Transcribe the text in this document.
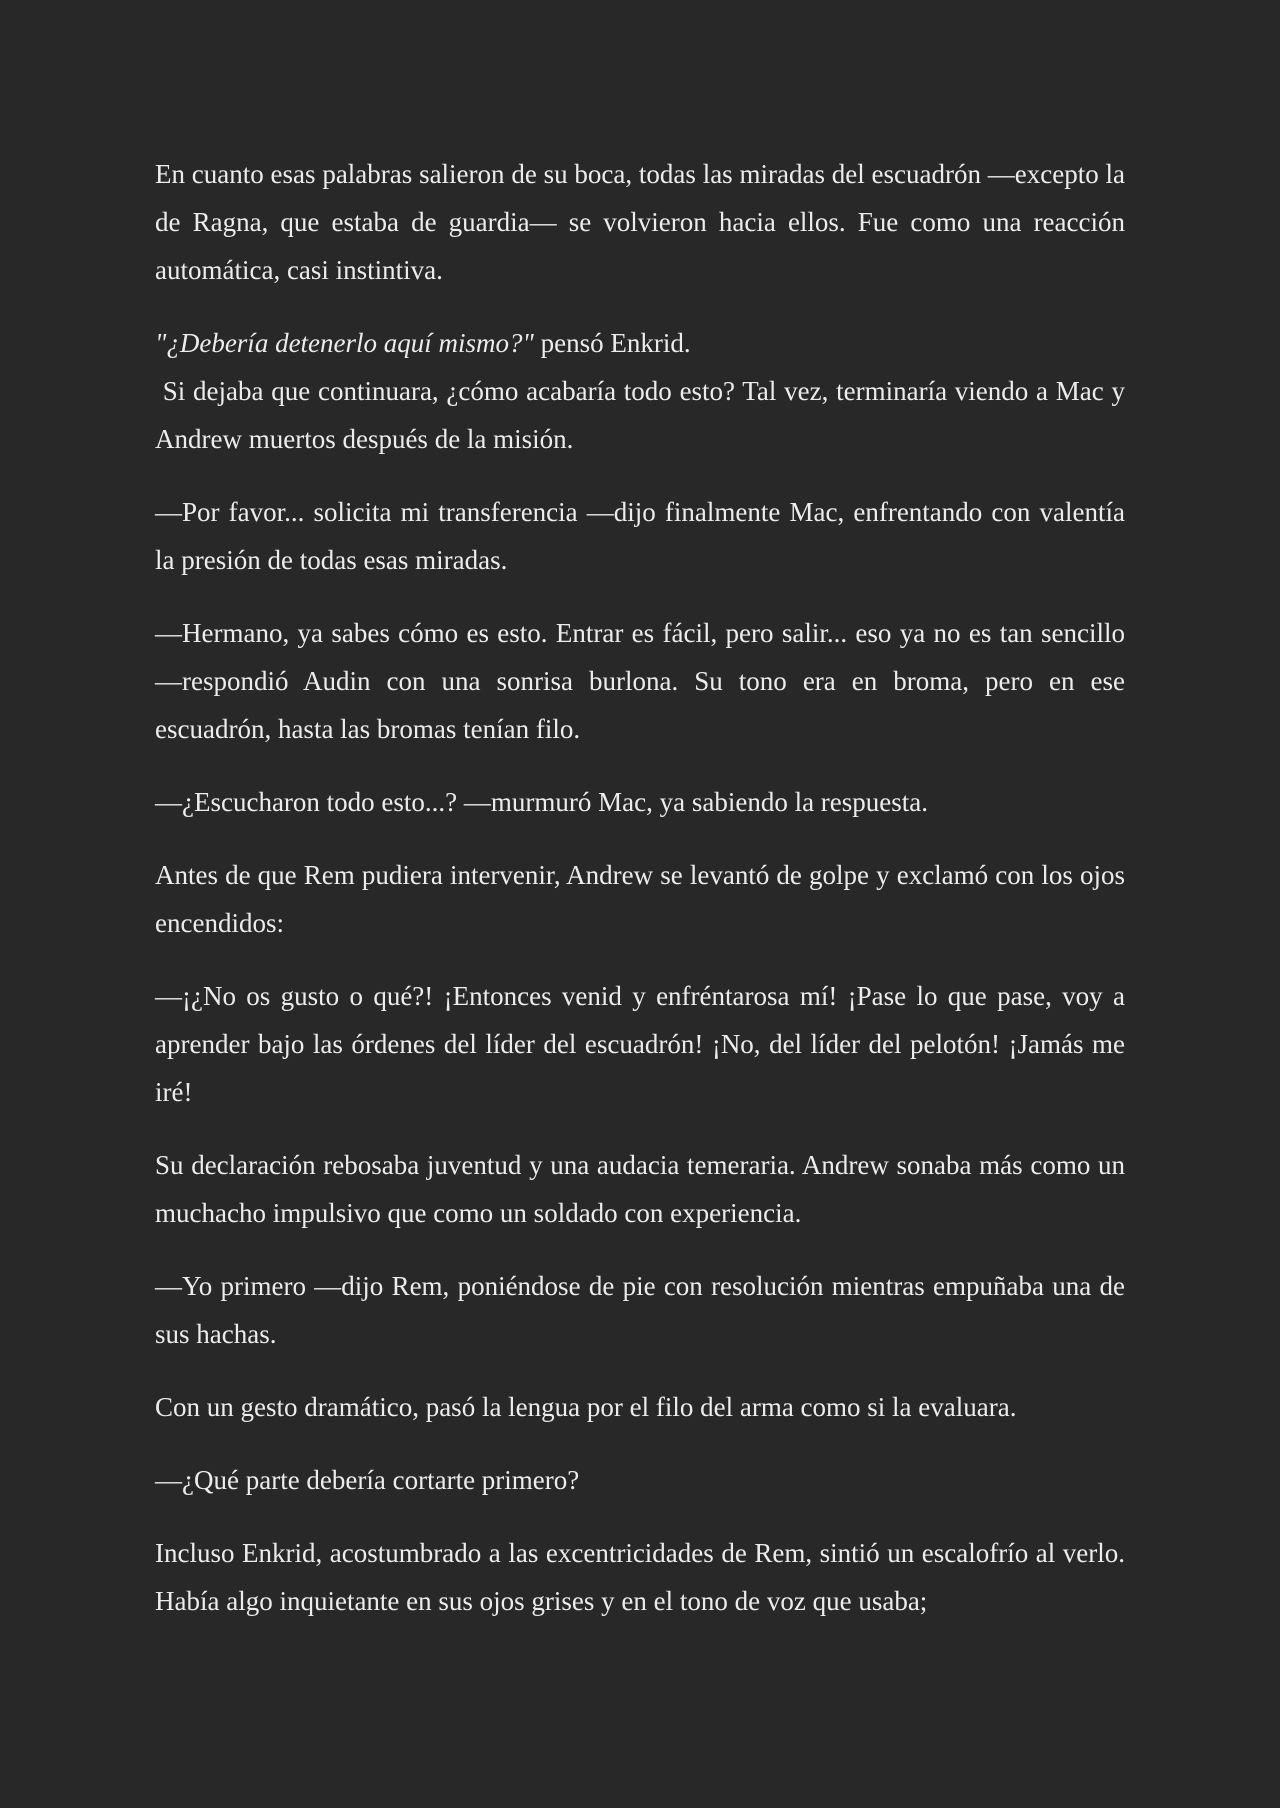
En cuanto esas palabras salieron de su boca, todas las miradas del escuadrón —excepto la de Ragna, que estaba de guardia— se volvieron hacia ellos. Fue como una reacción automática, casi instintiva.

"¿Debería detenerlo aquí mismo?" pensó Enkrid.

Si dejaba que continuara, ¿cómo acabaría todo esto? Tal vez, terminaría viendo a Mac y Andrew muertos después de la misión.

—Por favor... solicita mi transferencia —dijo finalmente Mac, enfrentando con valentía la presión de todas esas miradas.

—Hermano, ya sabes cómo es esto. Entrar es fácil, pero salir... eso ya no es tan sencillo —respondió Audin con una sonrisa burlona. Su tono era en broma, pero en ese escuadrón, hasta las bromas tenían filo.

—¿Escucharon todo esto...? —murmuró Mac, ya sabiendo la respuesta.

Antes de que Rem pudiera intervenir, Andrew se levantó de golpe y exclamó con los ojos encendidos:

—¡¿No os gusto o qué?! ¡Entonces venid y enfréntarosa mí! ¡Pase lo que pase, voy a aprender bajo las órdenes del líder del escuadrón! ¡No, del líder del pelotón! ¡Jamás me iré!

Su declaración rebosaba juventud y una audacia temeraria. Andrew sonaba más como un muchacho impulsivo que como un soldado con experiencia.

—Yo primero —dijo Rem, poniéndose de pie con resolución mientras empuñaba una de sus hachas.

Con un gesto dramático, pasó la lengua por el filo del arma como si la evaluara.

—¿Qué parte debería cortarte primero?

Incluso Enkrid, acostumbrado a las excentricidades de Rem, sintió un escalofrío al verlo. Había algo inquietante en sus ojos grises y en el tono de voz que usaba;
